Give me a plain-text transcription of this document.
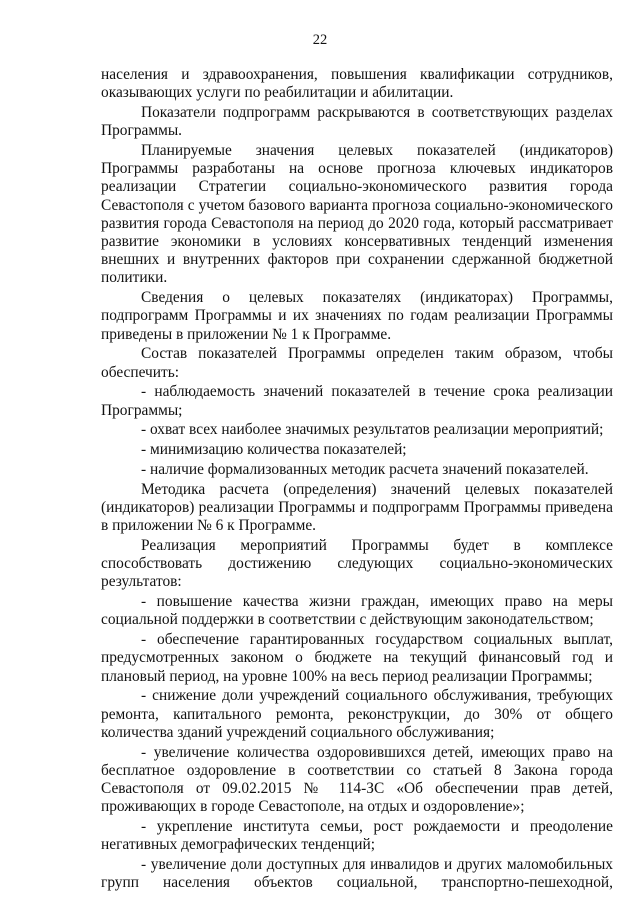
22

населения и здравоохранения, повышения квалификации сотрудников, оказывающих услуги по реабилитации и абилитации.

Показатели подпрограмм раскрываются в соответствующих разделах Программы.

Планируемые значения целевых показателей (индикаторов) Программы разработаны на основе прогноза ключевых индикаторов реализации Стратегии социально-экономического развития города Севастополя с учетом базового варианта прогноза социально-экономического развития города Севастополя на период до 2020 года, который рассматривает развитие экономики в условиях консервативных тенденций изменения внешних и внутренних факторов при сохранении сдержанной бюджетной политики.

Сведения о целевых показателях (индикаторах) Программы, подпрограмм Программы и их значениях по годам реализации Программы приведены в приложении № 1 к Программе.

Состав показателей Программы определен таким образом, чтобы обеспечить:

- наблюдаемость значений показателей в течение срока реализации Программы;

- охват всех наиболее значимых результатов реализации мероприятий;

- минимизацию количества показателей;

- наличие формализованных методик расчета значений показателей.

Методика расчета (определения) значений целевых показателей (индикаторов) реализации Программы и подпрограмм Программы приведена в приложении № 6 к Программе.

Реализация мероприятий Программы будет в комплексе способствовать достижению следующих социально-экономических результатов:

- повышение качества жизни граждан, имеющих право на меры социальной поддержки в соответствии с действующим законодательством;

- обеспечение гарантированных государством социальных выплат, предусмотренных законом о бюджете на текущий финансовый год и плановый период, на уровне 100% на весь период реализации Программы;

- снижение доли учреждений социального обслуживания, требующих ремонта, капитального ремонта, реконструкции, до 30% от общего количества зданий учреждений социального обслуживания;

- увеличение количества оздоровившихся детей, имеющих право на бесплатное оздоровление в соответствии со статьей 8 Закона города Севастополя от 09.02.2015 № 114-ЗС «Об обеспечении прав детей, проживающих в городе Севастополе, на отдых и оздоровление»;

- укрепление института семьи, рост рождаемости и преодоление негативных демографических тенденций;

- увеличение доли доступных для инвалидов и других маломобильных групп населения объектов социальной, транспортно-пешеходной,
